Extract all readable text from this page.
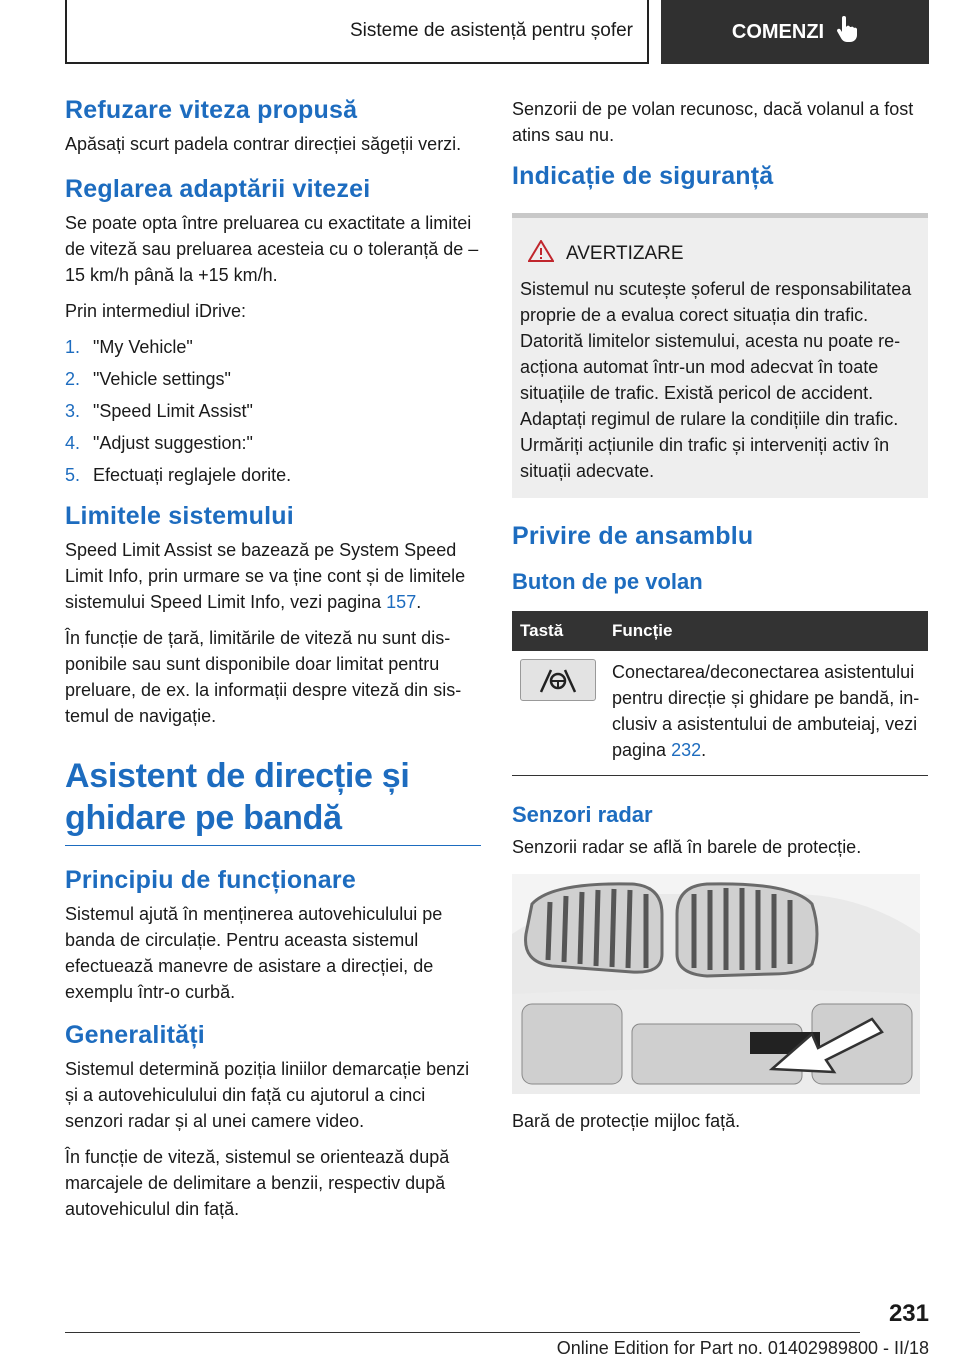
Sisteme de asistență pentru șofer	COMENZI
Refuzare viteza propusă

Apăsați scurt padela contrar direcției săgeții verzi.

Reglarea adaptării vitezei

Se poate opta între preluarea cu exactitate a limitei de viteză sau preluarea acesteia cu o toleranță de –15 km/h până la +15 km/h.

Prin intermediul iDrive:

1. "My Vehicle"
2. "Vehicle settings"
3. "Speed Limit Assist"
4. "Adjust suggestion:"
5. Efectuați reglajele dorite.
Limitele sistemului

Speed Limit Assist se bazează pe System Speed Limit Info, prin urmare se va ține cont și de limitele sistemului Speed Limit Info, vezi pagina 157.

În funcție de țară, limitările de viteză nu sunt disponibile sau sunt disponibile doar limitat pentru preluare, de ex. la informații despre viteză din sistemul de navigație.

Asistent de direcție și ghidare pe bandă
Principiu de funcționare

Sistemul ajută în menținerea autovehiculului pe banda de circulație. Pentru aceasta sistemul efectuează manevre de asistare a direcției, de exemplu într-o curbă.

Generalități

Sistemul determină poziția liniilor demarcație benzi și a autovehiculului din față cu ajutorul a cinci senzori radar și al unei camere video.

În funcție de viteză, sistemul se orientează după marcajele de delimitare a benzii, respectiv după autovehiculul din față.

Senzorii de pe volan recunosc, dacă volanul a fost atins sau nu.

Indicație de siguranță
AVERTIZARE

Sistemul nu scutește șoferul de responsabilitatea proprie de a evalua corect situația din trafic. Datorită limitelor sistemului, acesta nu poate reacționa automat într-un mod adecvat în toate situațiile de trafic. Există pericol de accident. Adaptați regimul de rulare la condițiile din trafic. Urmăriți acțiunile din trafic și interveniți activ în situații adecvate.

Privire de ansamblu
Buton de pe volan
Tastă	Funcție

	Conectarea/deconectarea asistentului pentru direcție și ghidare pe bandă, inclusiv a asistentului de ambuteiaj, vezi pagina 232.
Senzori radar

Senzorii radar se află în barele de protecție.

Bară de protecție mijloc față.

231
Online Edition for Part no. 01402989800 - II/18
